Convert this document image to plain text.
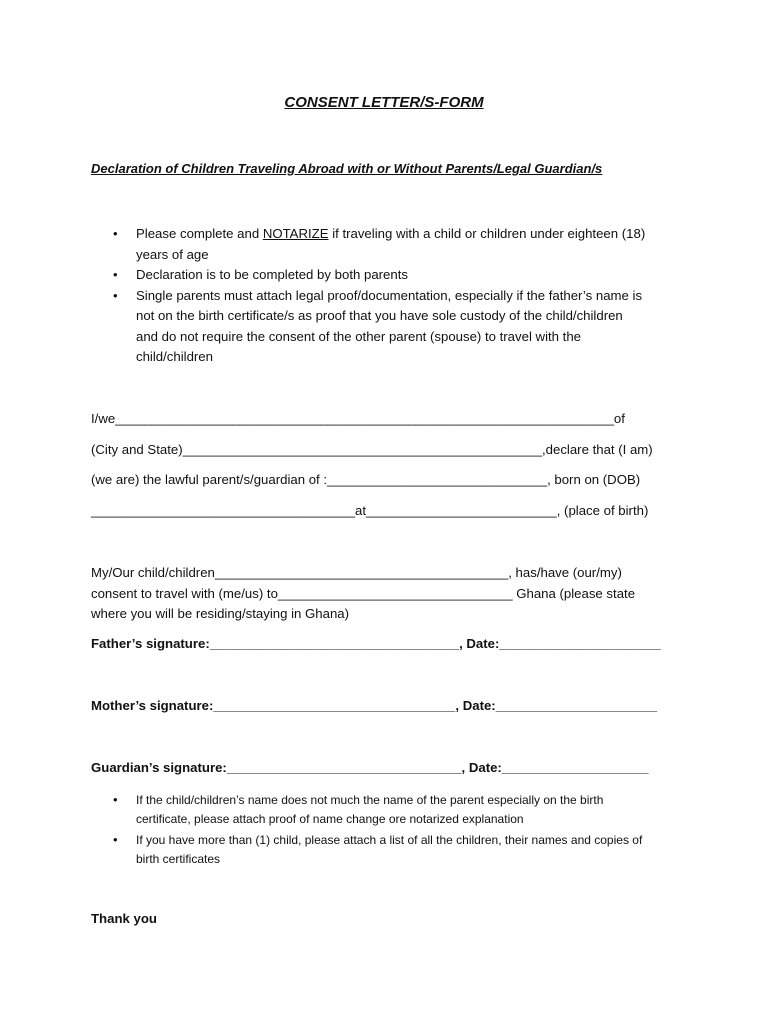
CONSENT LETTER/S-FORM
Declaration of Children Traveling Abroad with or Without Parents/Legal Guardian/s
• Please complete and NOTARIZE if traveling with a child or children under eighteen (18)
years of age
• Declaration is to be completed by both parents
• Single parents must attach legal proof/documentation, especially if the father’s name is
not on the birth certificate/s as proof that you have sole custody of the child/children
and do not require the consent of the other parent (spouse) to travel with the
child/children
I/we____________________________________________________________________of
(City and State)_________________________________________________,declare that (I am)
(we are) the lawful parent/s/guardian of :______________________________, born on (DOB)
____________________________________at__________________________, (place of birth)
My/Our child/children________________________________________, has/have (our/my)
consent to travel with (me/us) to________________________________ Ghana (please state
where you will be residing/staying in Ghana)
Father’s signature:__________________________________, Date:______________________
Mother’s signature:_________________________________, Date:______________________
Guardian’s signature:________________________________, Date:____________________
• If the child/children’s name does not much the name of the parent especially on the birth
certificate, please attach proof of name change ore notarized explanation
• If you have more than (1) child, please attach a list of all the children, their names and copies of
birth certificates
Thank you
